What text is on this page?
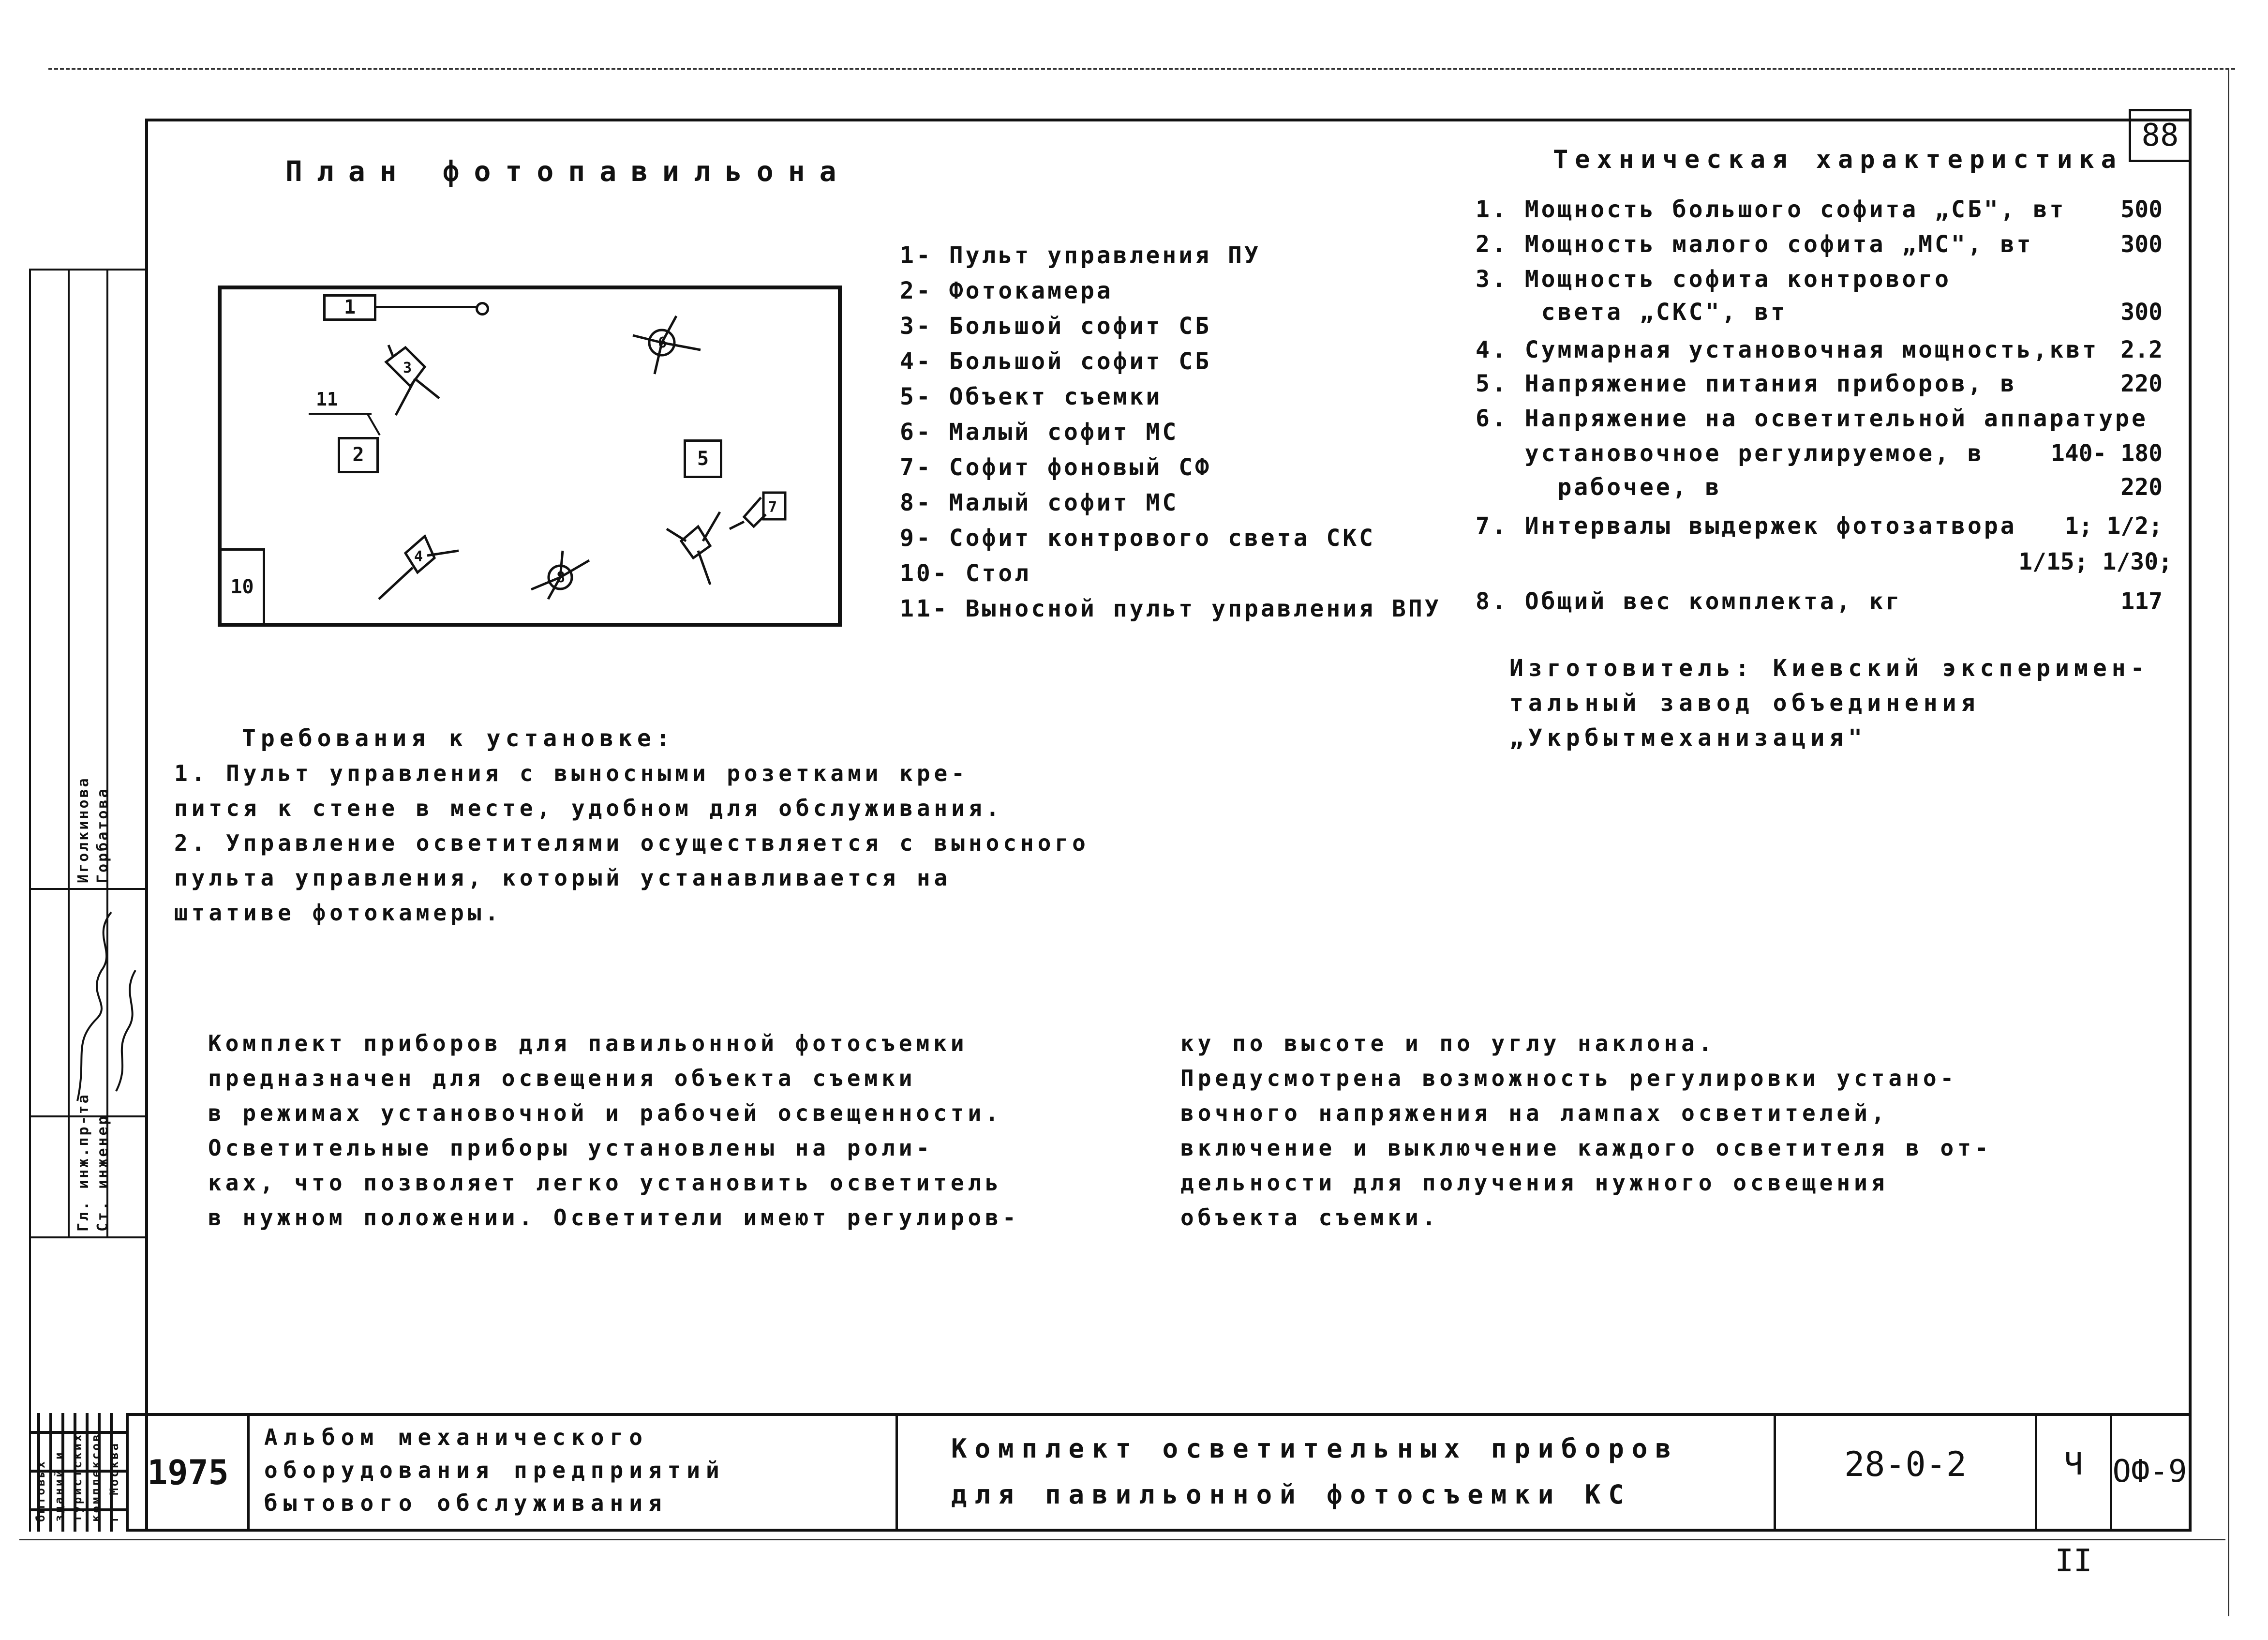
88
План фотопавильона
1
2
11
5
10
3
6
4
8
7
1- Пульт управления ПУ
2- Фотокамера
3- Большой софит СБ
4- Большой софит СБ
5- Объект съемки
6- Малый софит МС
7- Софит фоновый СФ
8- Малый софит МС
9- Софит контрового света СКС
10- Стол
11- Выносной пульт управления ВПУ
Техническая характеристика
1. Мощность большого софита „СБ", вт 500
2. Мощность малого софита „МС", вт	300
3. Мощность софита контрового
света „СКС", вт	300
4. Суммарная установочная мощность,квт 2.2
5. Напряжение питания приборов, в	220
6. Напряжение на осветительной аппаратуре
установочное регулируемое, в	140- 180
рабочее, в	220
7. Интервалы выдержек фотозатвора 1; 1/2;
1/15; 1/30;
8. Общий вес комплекта, кг	117
Изготовитель: Киевский эксперимен-
тальный завод объединения
„Укрбытмеханизация"
Требования к установке:
1. Пульт управления с выносными розетками кре-
питcя к стене в месте, удобном для обслуживания.
2. Управление осветителями осуществляется с выносного
пульта управления, который устанавливается на
штативе фотокамеры.
Комплект приборов для павильонной фотосъемки
предназначен для освещения объекта съемки
в режимах установочной и рабочей освещенности.
Осветительные приборы установлены на роли-
ках, что позволяет легко установить осветитель
в нужном положении. Осветители имеют регулиров-
ку по высоте и по углу наклона.
Предусмотрена возможность регулировки устано-
вочного напряжения на лампах осветителей,
включение и выключение каждого осветителя в от-
дельности для получения нужного освещения
объекта съемки.
Иголкинова Горбатова
Гл. инж.пр-та Ст. инженер
бытовых зданий и туристских комплексов г. Москва 1975
Альбом механического
оборудования предприятий
бытового обслуживания
Комплект осветительных приборов
для павильонной фотосъемки КС
28-0-2	Ч II
ОФ-9
